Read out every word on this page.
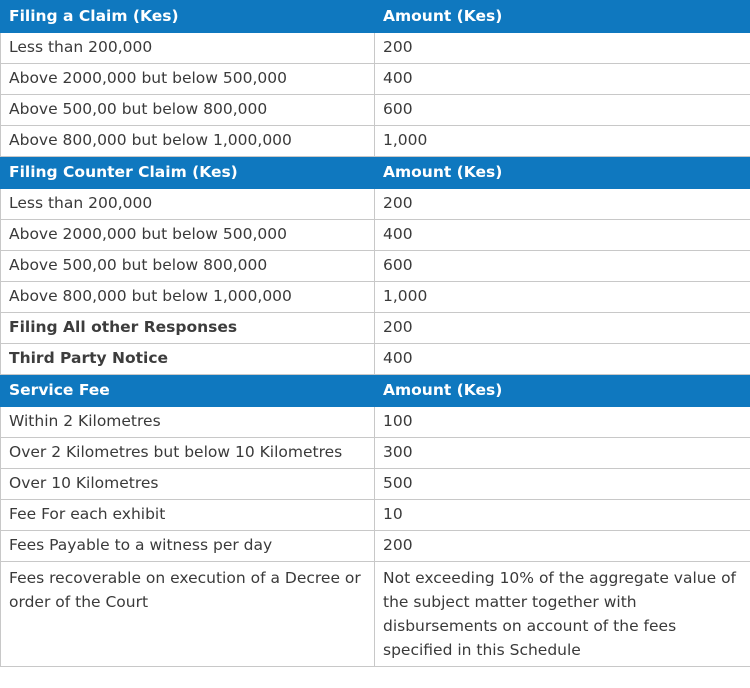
Filing a Claim (Kes)	Amount (Kes)
Less than 200,000	200
Above 2000,000 but below 500,000	400
Above 500,00 but below 800,000	600
Above 800,000 but below 1,000,000	1,000
Filing Counter Claim (Kes)	Amount (Kes)
Less than 200,000	200
Above 2000,000 but below 500,000	400
Above 500,00 but below 800,000	600
Above 800,000 but below 1,000,000	1,000
Filing All other Responses	200
Third Party Notice	400
Service Fee	Amount (Kes)
Within 2 Kilometres	100
Over 2 Kilometres but below 10 Kilometres	300
Over 10 Kilometres	500
Fee For each exhibit	10
Fees Payable to a witness per day	200
Fees recoverable on execution of a Decree or order of the Court	Not exceeding 10% of the aggregate value of the subject matter together with disbursements on account of the fees specified in this Schedule
